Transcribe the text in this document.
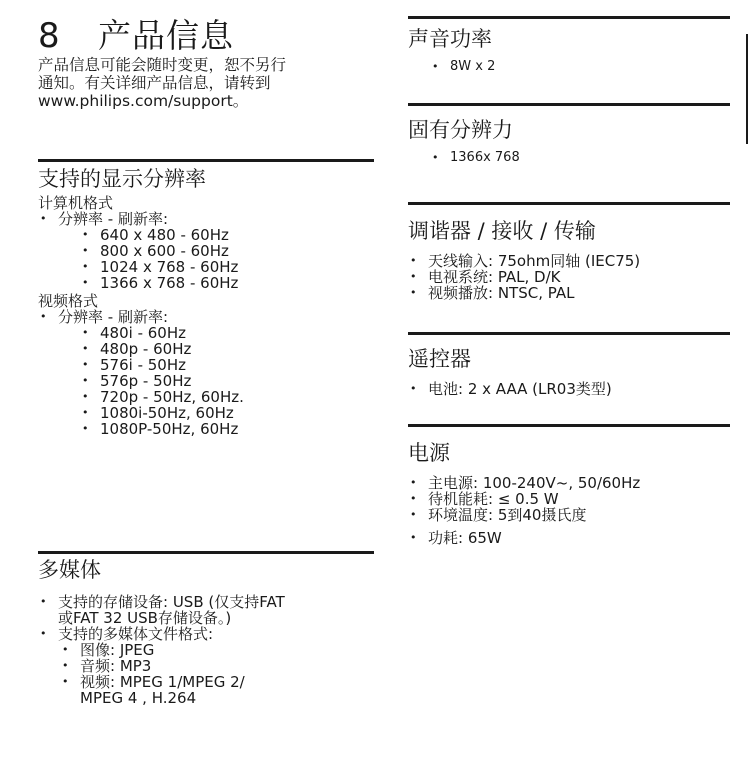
8	产品信息
产品信息可能会随时变更，恕不另行
通知。有关详细产品信息，请转到
www.philips.com/support。
支持的显示分辨率
计算机格式
• 分辨率 - 刷新率:
• 640 x 480 - 60Hz
• 800 x 600 - 60Hz
• 1024 x 768 - 60Hz
• 1366 x 768 - 60Hz
视频格式
• 分辨率 - 刷新率:
• 480i - 60Hz
• 480p - 60Hz
• 576i - 50Hz
• 576p - 50Hz
• 720p - 50Hz, 60Hz.
• 1080i-50Hz, 60Hz
• 1080P-50Hz, 60Hz
多媒体
• 支持的存储设备: USB (仅支持FAT
或FAT 32 USB存储设备。)
• 支持的多媒体文件格式:
• 图像: JPEG
• 音频: MP3
• 视频: MPEG 1/MPEG 2/
MPEG 4 , H.264
声音功率
• 8W x 2
固有分辨力
• 1366x 768
调谐器 / 接收 / 传输
• 天线输入: 75ohm同轴 (IEC75)
• 电视系统: PAL, D/K
• 视频播放: NTSC, PAL
遥控器
• 电池: 2 x AAA (LR03类型)
电源
• 主电源: 100-240V~, 50/60Hz
• 待机能耗: ≤ 0.5 W
• 环境温度: 5到40摄氏度
• 功耗: 65W
